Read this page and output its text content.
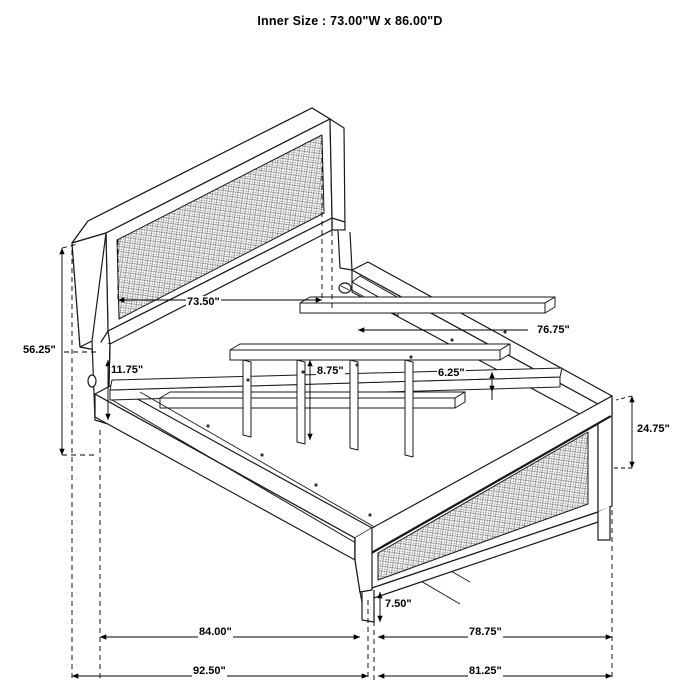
Inner Size : 73.00"W x 86.00"D
56.25"
73.50"
11.75"	8.75"	6.25"
76.75"
24.75"
7.50"
84.00"	78.75"
92.50"	81.25"
